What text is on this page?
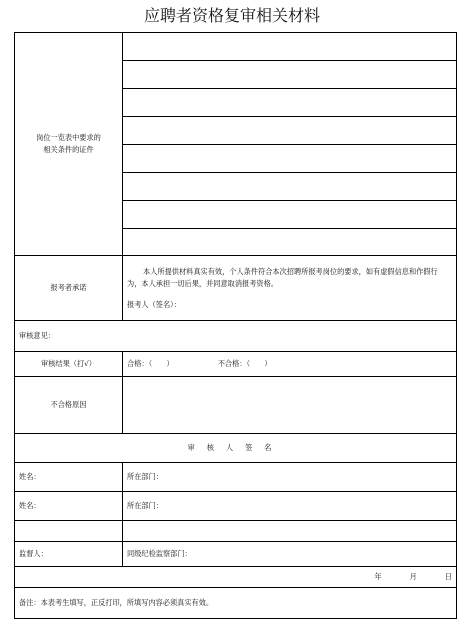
应聘者资格复审相关材料
岗位一览表中要求的
相关条件的证件	

报考者承诺	本人所提供材料真实有效，个人条件符合本次招聘所报考岗位的要求，如有虚假信息和作假行为，本人承担一切后果，并同意取消报考资格。
报考人（签名）：

审核意见：	
审核结果（打√）	合格：（　　） 不合格：（　　）
不合格原因	
审核人签名	
姓名：	所在部门：
姓名：	所在部门：

监督人：	同级纪检监察部门：
年 月 日	
备注：本表考生填写，正反打印，所填写内容必须真实有效。	
